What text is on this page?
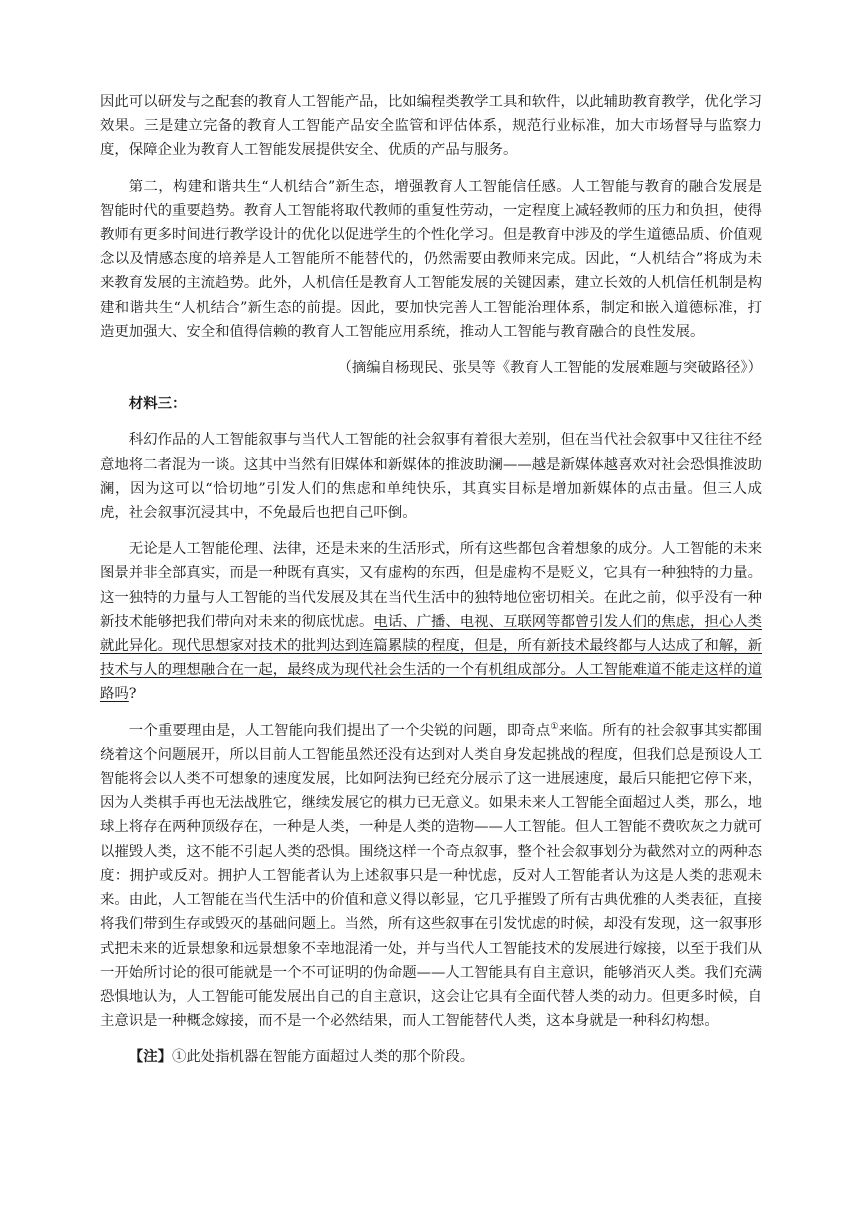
因此可以研发与之配套的教育人工智能产品，比如编程类教学工具和软件，以此辅助教育教学，优化学习效果。三是建立完备的教育人工智能产品安全监管和评估体系，规范行业标准，加大市场督导与监察力度，保障企业为教育人工智能发展提供安全、优质的产品与服务。

第二，构建和谐共生“人机结合”新生态，增强教育人工智能信任感。人工智能与教育的融合发展是智能时代的重要趋势。教育人工智能将取代教师的重复性劳动，一定程度上减轻教师的压力和负担，使得教师有更多时间进行教学设计的优化以促进学生的个性化学习。但是教育中涉及的学生道德品质、价值观念以及情感态度的培养是人工智能所不能替代的，仍然需要由教师来完成。因此，“人机结合”将成为未来教育发展的主流趋势。此外，人机信任是教育人工智能发展的关键因素，建立长效的人机信任机制是构建和谐共生“人机结合”新生态的前提。因此，要加快完善人工智能治理体系，制定和嵌入道德标准，打造更加强大、安全和值得信赖的教育人工智能应用系统，推动人工智能与教育融合的良性发展。

（摘编自杨现民、张昊等《教育人工智能的发展难题与突破路径》）

材料三：

科幻作品的人工智能叙事与当代人工智能的社会叙事有着很大差别，但在当代社会叙事中又往往不经意地将二者混为一谈。这其中当然有旧媒体和新媒体的推波助澜——越是新媒体越喜欢对社会恐惧推波助澜，因为这可以“恰切地”引发人们的焦虑和单纯快乐，其真实目标是增加新媒体的点击量。但三人成虎，社会叙事沉浸其中，不免最后也把自己吓倒。

无论是人工智能伦理、法律，还是未来的生活形式，所有这些都包含着想象的成分。人工智能的未来图景并非全部真实，而是一种既有真实，又有虚构的东西，但是虚构不是贬义，它具有一种独特的力量。这一独特的力量与人工智能的当代发展及其在当代生活中的独特地位密切相关。在此之前，似乎没有一种新技术能够把我们带向对未来的彻底忧虑。电话、广播、电视、互联网等都曾引发人们的焦虑，担心人类就此异化。现代思想家对技术的批判达到连篇累牍的程度，但是，所有新技术最终都与人达成了和解，新技术与人的理想融合在一起，最终成为现代社会生活的一个有机组成部分。人工智能难道不能走这样的道路吗?

一个重要理由是，人工智能向我们提出了一个尖锐的问题，即奇点①来临。所有的社会叙事其实都围绕着这个问题展开，所以目前人工智能虽然还没有达到对人类自身发起挑战的程度，但我们总是预设人工智能将会以人类不可想象的速度发展，比如阿法狗已经充分展示了这一进展速度，最后只能把它停下来，因为人类棋手再也无法战胜它，继续发展它的棋力已无意义。如果未来人工智能全面超过人类，那么，地球上将存在两种顶级存在，一种是人类，一种是人类的造物——人工智能。但人工智能不费吹灰之力就可以摧毁人类，这不能不引起人类的恐惧。围绕这样一个奇点叙事，整个社会叙事划分为截然对立的两种态度：拥护或反对。拥护人工智能者认为上述叙事只是一种忧虑，反对人工智能者认为这是人类的悲观未来。由此，人工智能在当代生活中的价值和意义得以彰显，它几乎摧毁了所有古典优雅的人类表征，直接将我们带到生存或毁灭的基础问题上。当然，所有这些叙事在引发忧虑的时候，却没有发现，这一叙事形式把未来的近景想象和远景想象不幸地混淆一处，并与当代人工智能技术的发展进行嫁接，以至于我们从一开始所讨论的很可能就是一个不可证明的伪命题——人工智能具有自主意识，能够消灭人类。我们充满恐惧地认为，人工智能可能发展出自己的自主意识，这会让它具有全面代替人类的动力。但更多时候，自主意识是一种概念嫁接，而不是一个必然结果，而人工智能替代人类，这本身就是一种科幻构想。

【注】①此处指机器在智能方面超过人类的那个阶段。
